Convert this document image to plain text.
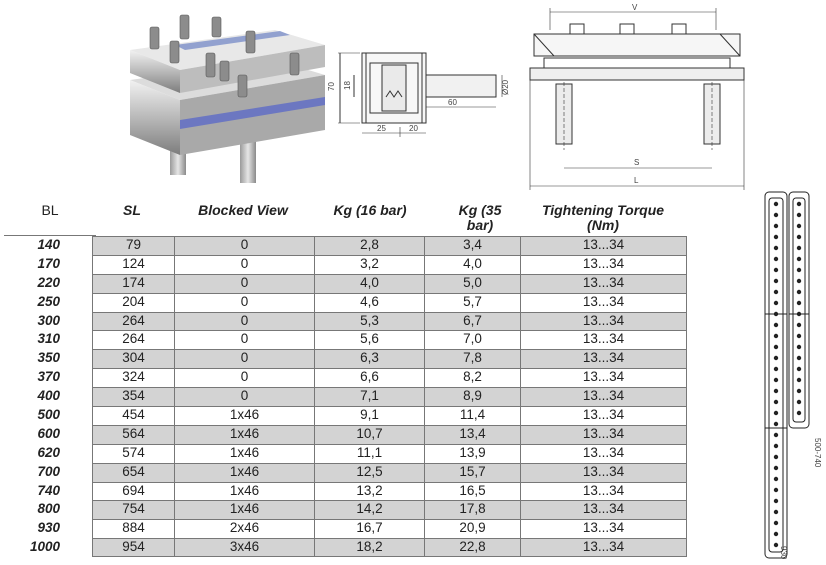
70 18
25	20
60
Ø20
V
S
L
500-740
930
BL	SL	Blocked View	Kg (16 bar)	Kg (35
bar)
Tightening Torque
(Nm)
140	79	0	2,8	3,4	13...34
170	124	0	3,2	4,0	13...34
220	174	0	4,0	5,0	13...34
250	204	0	4,6	5,7	13...34
300	264	0	5,3	6,7	13...34
310	264	0	5,6	7,0	13...34
350	304	0	6,3	7,8	13...34
370	324	0	6,6	8,2	13...34
400	354	0	7,1	8,9	13...34
500	454	1x46	9,1	11,4	13...34
600	564	1x46	10,7	13,4	13...34
620	574	1x46	11,1	13,9	13...34
700	654	1x46	12,5	15,7	13...34
740	694	1x46	13,2	16,5	13...34
800	754	1x46	14,2	17,8	13...34
930	884	2x46	16,7	20,9	13...34
1000	954	3x46	18,2	22,8	13...34
